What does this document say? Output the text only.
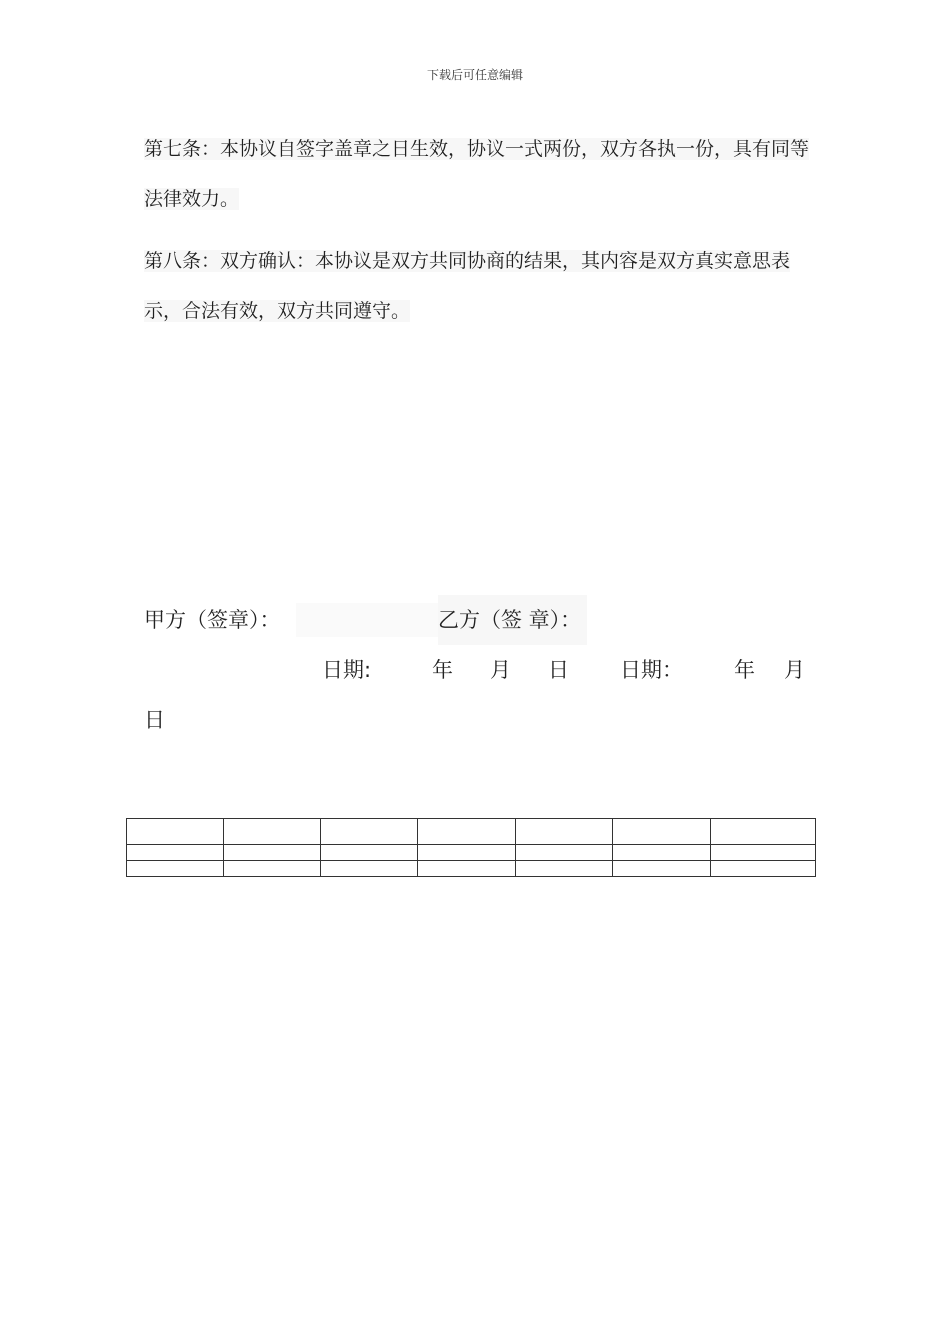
下载后可任意编辑
第七条：本协议自签字盖章之日生效，协议一式两份，双方各执一份，具有同等法律效力。
第八条：双方确认：本协议是双方共同协商的结果，其内容是双方真实意思表示，合法有效，双方共同遵守。
甲方（签章）：	乙方（签 章）：
日期:	年 月 日 日期： 年 月
日
